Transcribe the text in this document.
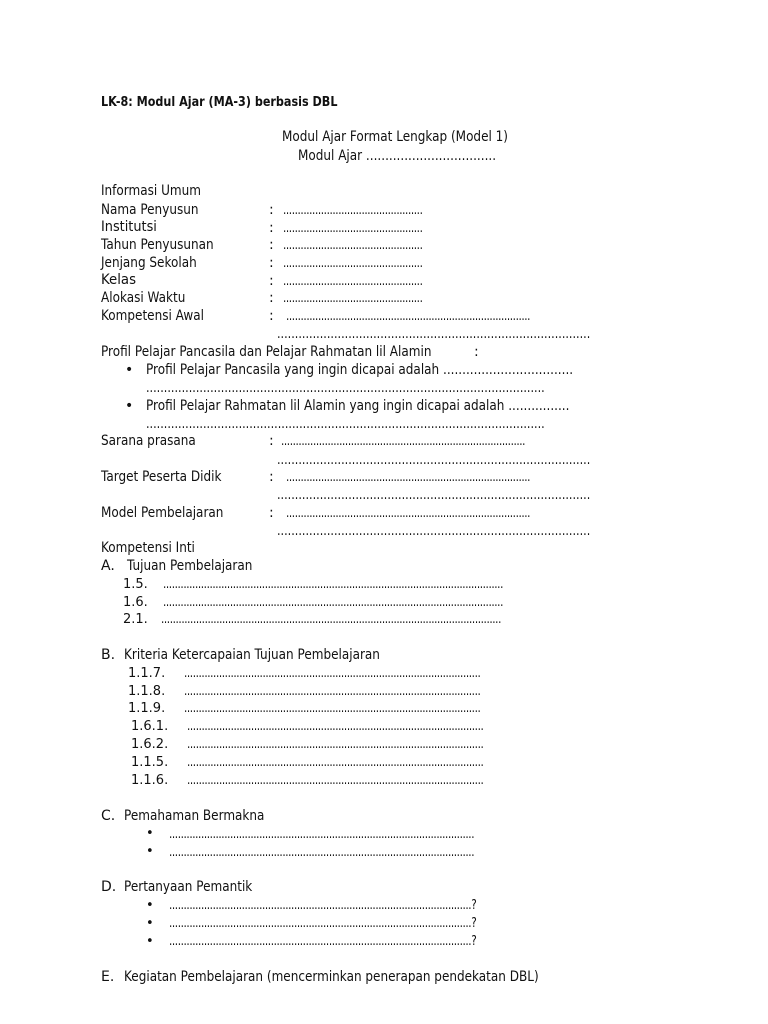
LK-8: Modul Ajar (MA-3) berbasis DBL
Modul Ajar Format Lengkap (Model 1)
Modul Ajar ..................................
Informasi Umum
Nama Penyusun	: ................................................
Institutsi	: ................................................
Tahun Penyusunan	: ................................................
Jenjang Sekolah	: ................................................
Kelas	: ................................................
Alokasi Waktu	: ................................................
Kompetensi Awal	: ....................................................................................
........................................................................................
Profil Pelajar Pancasila dan Pelajar Rahmatan lil Alamin	:
• Profil Pelajar Pancasila yang ingin dicapai adalah ..................................
................................................................................................................
• Profil Pelajar Rahmatan lil Alamin yang ingin dicapai adalah ................
................................................................................................................
Sarana prasana	: ....................................................................................
........................................................................................
Target Peserta Didik	: ....................................................................................
........................................................................................
Model Pembelajaran	: ....................................................................................
........................................................................................
Kompetensi Inti
A. Tujuan Pembelajaran
1.5. .....................................................................................................................
1.6. .....................................................................................................................
2.1. .....................................................................................................................
B. Kriteria Ketercapaian Tujuan Pembelajaran
1.1.7. ......................................................................................................
1.1.8. ......................................................................................................
1.1.9. ......................................................................................................
1.6.1. ......................................................................................................
1.6.2. ......................................................................................................
1.1.5. ......................................................................................................
1.1.6. ......................................................................................................
C. Pemahaman Bermakna
• .........................................................................................................
• .........................................................................................................
D. Pertanyaan Pemantik
• ........................................................................................................?
• ........................................................................................................?
• ........................................................................................................?
E. Kegiatan Pembelajaran (mencerminkan penerapan pendekatan DBL)
